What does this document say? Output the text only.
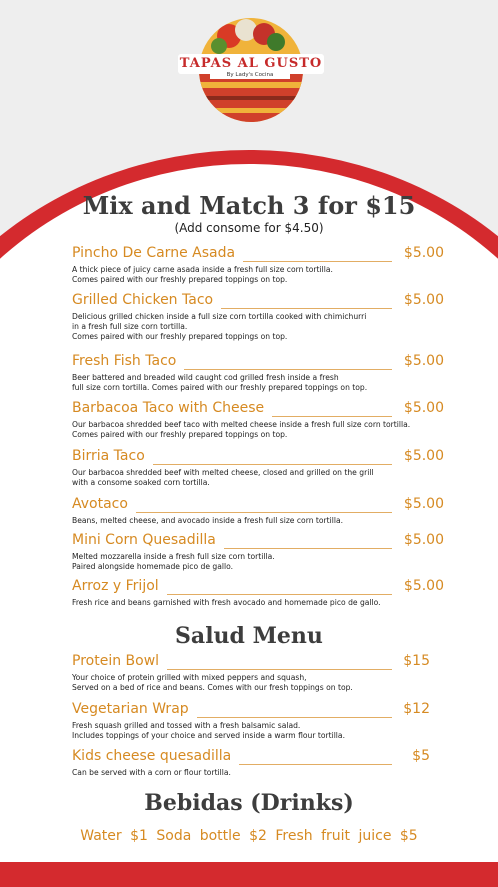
TAPAS AL GUSTO
By Lady's Cocina
Mix and Match 3 for $15
(Add consome for $4.50)
Pincho De Carne Asada	$5.00
A thick piece of juicy carne asada inside a fresh full size corn tortilla.
Comes paired with our freshly prepared toppings on top.
Grilled Chicken Taco	$5.00
Delicious grilled chicken inside a full size corn tortilla cooked with chimichurri
in a fresh full size corn tortilla.
Comes paired with our freshly prepared toppings on top.
Fresh Fish Taco	$5.00
Beer battered and breaded wild caught cod grilled fresh inside a fresh
full size corn tortilla. Comes paired with our freshly prepared toppings on top.
Barbacoa Taco with Cheese	$5.00
Our barbacoa shredded beef taco with melted cheese inside a fresh full size corn tortilla.
Comes paired with our freshly prepared toppings on top.
Birria Taco	$5.00
Our barbacoa shredded beef with melted cheese, closed and grilled on the grill
with a consome soaked corn tortilla.
Avotaco	$5.00
Beans, melted cheese, and avocado inside a fresh full size corn tortilla.
Mini Corn Quesadilla	$5.00
Melted mozzarella inside a fresh full size corn tortilla.
Paired alongside homemade pico de gallo.
Arroz y Frijol	$5.00
Fresh rice and beans garnished with fresh avocado and homemade pico de gallo.
Salud Menu
Protein Bowl	$15
Your choice of protein grilled with mixed peppers and squash,
Served on a bed of rice and beans. Comes with our fresh toppings on top.
Vegetarian Wrap	$12
Fresh squash grilled and tossed with a fresh balsamic salad.
Includes toppings of your choice and served inside a warm flour tortilla.
Kids cheese quesadilla	$5
Can be served with a corn or flour tortilla.
Bebidas (Drinks)
Water $1 Soda bottle $2 Fresh fruit juice $5
